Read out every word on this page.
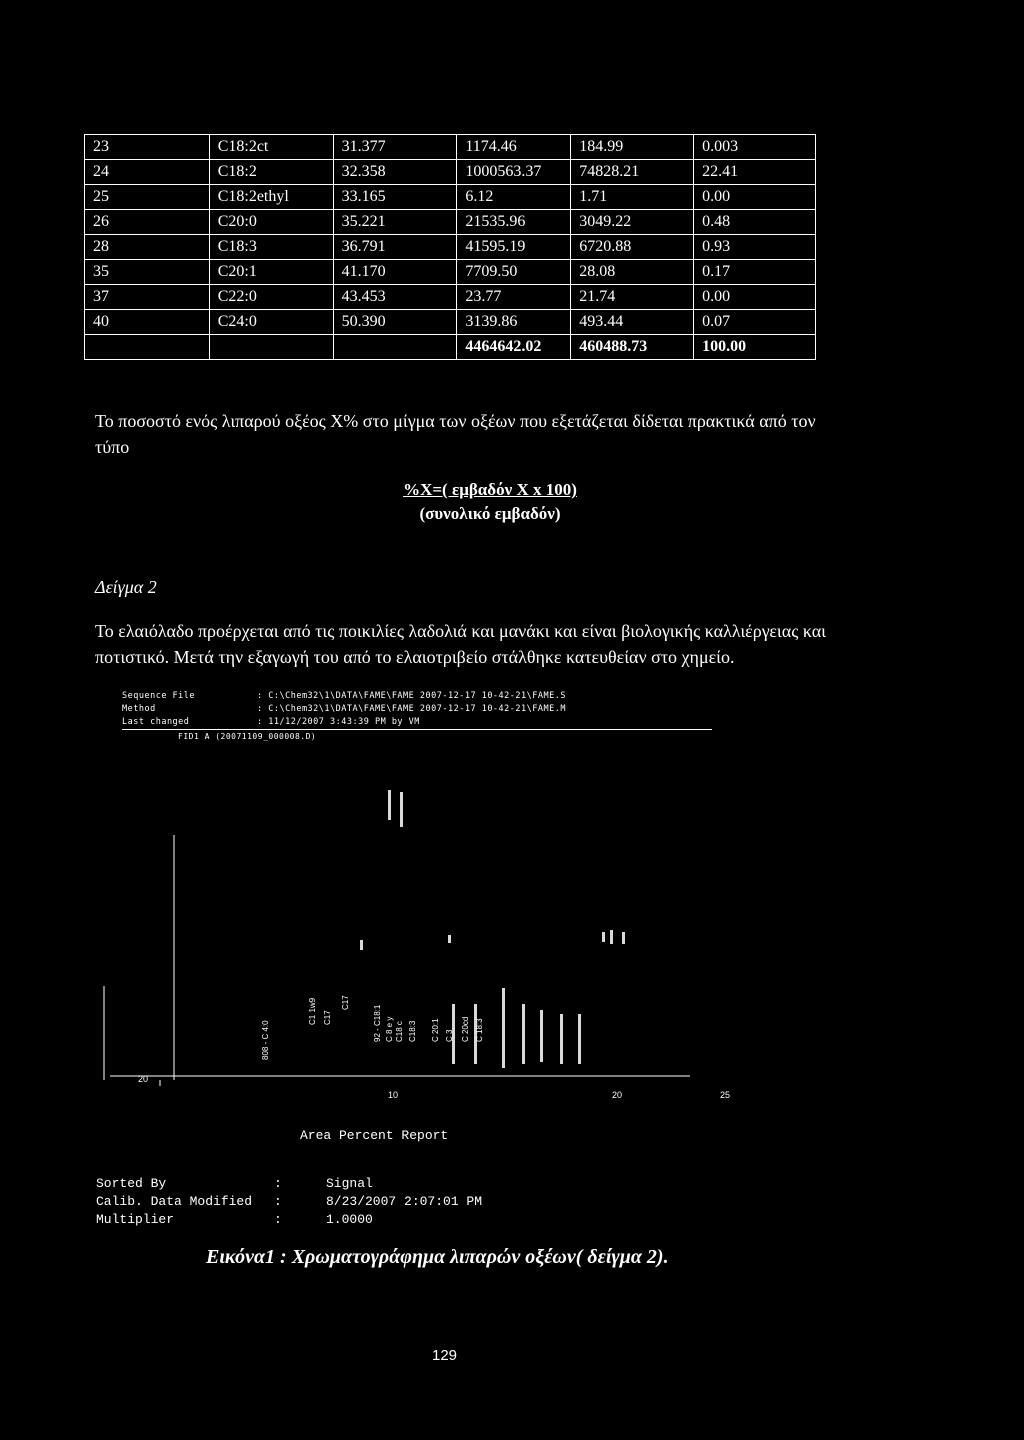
23	C18:2ct	31.377	1174.46	184.99	0.003
24	C18:2	32.358	1000563.37	74828.21	22.41
25	C18:2ethyl	33.165	6.12	1.71	0.00
26	C20:0	35.221	21535.96	3049.22	0.48
28	C18:3	36.791	41595.19	6720.88	0.93
35	C20:1	41.170	7709.50	28.08	0.17
37	C22:0	43.453	23.77	21.74	0.00
40	C24:0	50.390	3139.86	493.44	0.07
			4464642.02	460488.73	100.00
Το ποσοστό ενός λιπαρού οξέος Χ% στο μίγμα των οξέων που εξετάζεται δίδεται πρακτικά από τον τύπο
%Χ=( εμβαδόν Χ x 100)
(συνολικό εμβαδόν)
Δείγμα 2
Το ελαιόλαδο προέρχεται από τις ποικιλίες λαδολιά και μανάκι και είναι βιολογικής καλλιέργειας και ποτιστικό. Μετά την εξαγωγή του από το ελαιοτριβείο στάλθηκε κατευθείαν στο χημείο.
Sequence File	: C:\Chem32\1\DATA\FAME\FAME 2007-12-17 10-42-21\FAME.S
Method	: C:\Chem32\1\DATA\FAME\FAME 2007-12-17 10-42-21\FAME.M
Last changed	: 11/12/2007 3:43:39 PM by VM
FID1 A (20071109_000008.D)
20
10	20	25
808 - C 4:0
C1 1w9 C17
C17
92 - C18:1 C 8 e y C18 c C18:3 C 20:1 C 3 C 20cd C 18:3
Area Percent Report
Sorted By	:	Signal
Calib. Data Modified	:	8/23/2007 2:07:01 PM
Multiplier	:	1.0000
Εικόνα1 : Χρωματογράφημα λιπαρών οξέων( δείγμα 2).
129
